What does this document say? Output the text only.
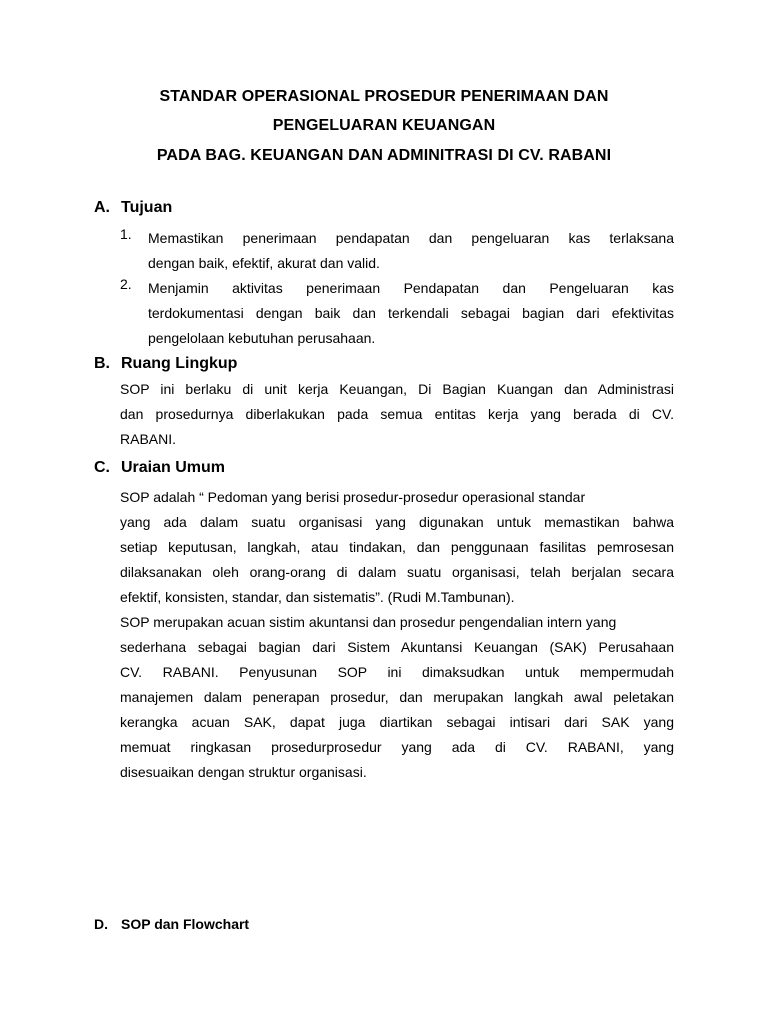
STANDAR OPERASIONAL PROSEDUR PENERIMAAN DAN
PENGELUARAN KEUANGAN
PADA BAG. KEUANGAN DAN ADMINITRASI DI CV. RABANI
A. Tujuan
1. Memastikan penerimaan pendapatan dan pengeluaran kas terlaksana
dengan baik, efektif, akurat dan valid.
2. Menjamin aktivitas penerimaan Pendapatan dan Pengeluaran kas
terdokumentasi dengan baik dan terkendali sebagai bagian dari efektivitas
pengelolaan kebutuhan perusahaan.
B. Ruang Lingkup
SOP ini berlaku di unit kerja Keuangan, Di Bagian Kuangan dan Administrasi
dan prosedurnya diberlakukan pada semua entitas kerja yang berada di CV.
RABANI.
C. Uraian Umum
SOP adalah “ Pedoman yang berisi prosedur-prosedur operasional standar
yang ada dalam suatu organisasi yang digunakan untuk memastikan bahwa
setiap keputusan, langkah, atau tindakan, dan penggunaan fasilitas pemrosesan
dilaksanakan oleh orang-orang di dalam suatu organisasi, telah berjalan secara
efektif, konsisten, standar, dan sistematis”. (Rudi M.Tambunan).
SOP merupakan acuan sistim akuntansi dan prosedur pengendalian intern yang
sederhana sebagai bagian dari Sistem Akuntansi Keuangan (SAK) Perusahaan
CV. RABANI. Penyusunan SOP ini dimaksudkan untuk mempermudah
manajemen dalam penerapan prosedur, dan merupakan langkah awal peletakan
kerangka acuan SAK, dapat juga diartikan sebagai intisari dari SAK yang
memuat ringkasan prosedurprosedur yang ada di CV. RABANI, yang
disesuaikan dengan struktur organisasi.
D. SOP dan Flowchart
